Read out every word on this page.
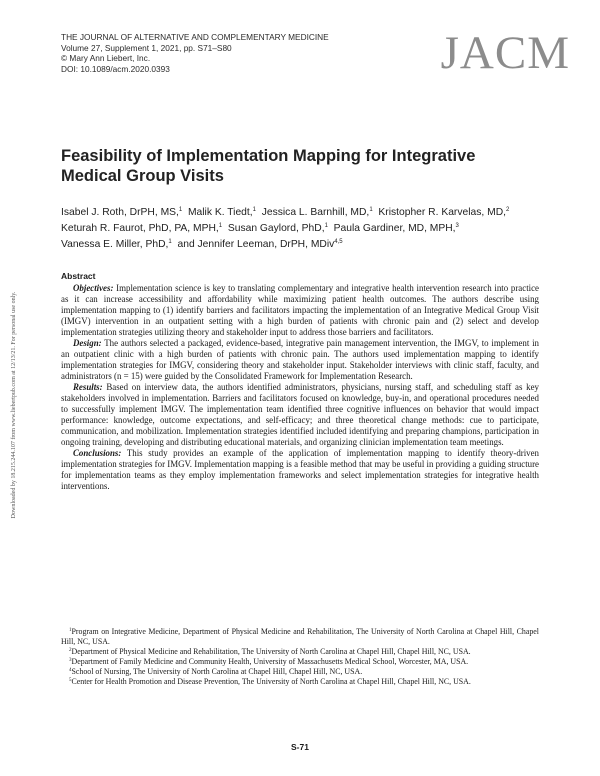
THE JOURNAL OF ALTERNATIVE AND COMPLEMENTARY MEDICINE
Volume 27, Supplement 1, 2021, pp. S71–S80
© Mary Ann Liebert, Inc.
DOI: 10.1089/acm.2020.0393	JACM
Downloaded by 18.215.244.107 from www.liebertpub.com at 12/13/21. For personal use only.
Feasibility of Implementation Mapping for Integrative Medical Group Visits
Isabel J. Roth, DrPH, MS,$^1$ Malik K. Tiedt,$^1$ Jessica L. Barnhill, MD,$^1$ Kristopher R. Karvelas, MD,$^2$
Keturah R. Faurot, PhD, PA, MPH,$^1$ Susan Gaylord, PhD,$^1$ Paula Gardiner, MD, MPH,$^3$
Vanessa E. Miller, PhD,$^1$ and Jennifer Leeman, DrPH, MDiv$^{4,5}$
Abstract

Objectives: Implementation science is key to translating complementary and integrative health intervention research into practice as it can increase accessibility and affordability while maximizing patient health outcomes. The authors describe using implementation mapping to (1) identify barriers and facilitators impacting the implementation of an Integrative Medical Group Visit (IMGV) intervention in an outpatient setting with a high burden of patients with chronic pain and (2) select and develop implementation strategies utilizing theory and stakeholder input to address those barriers and facilitators.

Design: The authors selected a packaged, evidence-based, integrative pain management intervention, the IMGV, to implement in an outpatient clinic with a high burden of patients with chronic pain. The authors used implementation mapping to identify implementation strategies for IMGV, considering theory and stakeholder input. Stakeholder interviews with clinic staff, faculty, and administrators (n = 15) were guided by the Consolidated Framework for Implementation Research.

Results: Based on interview data, the authors identified administrators, physicians, nursing staff, and scheduling staff as key stakeholders involved in implementation. Barriers and facilitators focused on knowledge, buy-in, and operational procedures needed to successfully implement IMGV. The implementation team identified three cognitive influences on behavior that would impact performance: knowledge, outcome expectations, and self-efficacy; and three theoretical change methods: cue to participate, communication, and mobilization. Implementation strategies identified included identifying and preparing champions, participation in ongoing training, developing and distributing educational materials, and organizing clinician implementation team meetings.

Conclusions: This study provides an example of the application of implementation mapping to identify theory-driven implementation strategies for IMGV. Implementation mapping is a feasible method that may be useful in providing a guiding structure for implementation teams as they employ implementation frameworks and select implementation strategies for integrative health interventions.

$^1$Program on Integrative Medicine, Department of Physical Medicine and Rehabilitation, The University of North Carolina at Chapel Hill, Chapel Hill, NC, USA.

$^2$Department of Physical Medicine and Rehabilitation, The University of North Carolina at Chapel Hill, Chapel Hill, NC, USA.

$^3$Department of Family Medicine and Community Health, University of Massachusetts Medical School, Worcester, MA, USA.

$^4$School of Nursing, The University of North Carolina at Chapel Hill, Chapel Hill, NC, USA.

$^5$Center for Health Promotion and Disease Prevention, The University of North Carolina at Chapel Hill, Chapel Hill, NC, USA.

S-71
